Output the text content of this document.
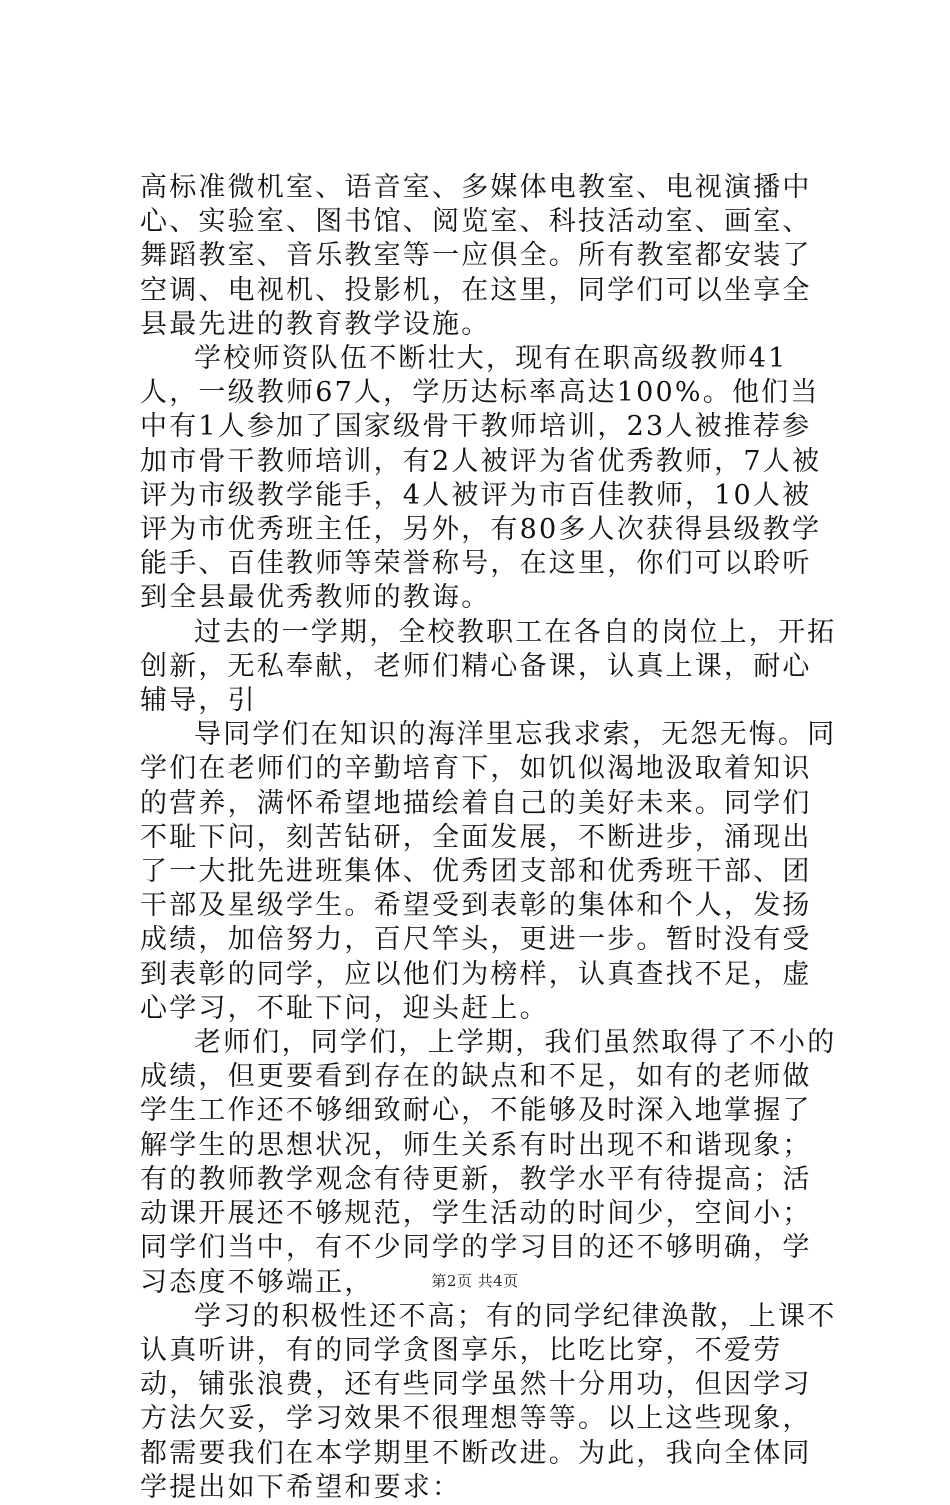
高标准微机室、语音室、多媒体电教室、电视演播中心、实验室、图书馆、阅览室、科技活动室、画室、舞蹈教室、音乐教室等一应俱全。所有教室都安装了空调、电视机、投影机，在这里，同学们可以坐享全县最先进的教育教学设施。

学校师资队伍不断壮大，现有在职高级教师41人，一级教师67人，学历达标率高达100%。他们当中有1人参加了国家级骨干教师培训，23人被推荐参加市骨干教师培训，有2人被评为省优秀教师，7人被评为市级教学能手，4人被评为市百佳教师，10人被评为市优秀班主任，另外，有80多人次获得县级教学能手、百佳教师等荣誉称号，在这里，你们可以聆听到全县最优秀教师的教诲。

过去的一学期，全校教职工在各自的岗位上，开拓创新，无私奉献，老师们精心备课，认真上课，耐心辅导，引

导同学们在知识的海洋里忘我求索，无怨无悔。同学们在老师们的辛勤培育下，如饥似渴地汲取着知识的营养，满怀希望地描绘着自己的美好未来。同学们不耻下问，刻苦钻研，全面发展，不断进步，涌现出了一大批先进班集体、优秀团支部和优秀班干部、团干部及星级学生。希望受到表彰的集体和个人，发扬成绩，加倍努力，百尺竿头，更进一步。暂时没有受到表彰的同学，应以他们为榜样，认真查找不足，虚心学习，不耻下问，迎头赶上。

老师们，同学们，上学期，我们虽然取得了不小的成绩，但更要看到存在的缺点和不足，如有的老师做学生工作还不够细致耐心，不能够及时深入地掌握了解学生的思想状况，师生关系有时出现不和谐现象；有的教师教学观念有待更新，教学水平有待提高；活动课开展还不够规范，学生活动的时间少，空间小；同学们当中，有不少同学的学习目的还不够明确，学习态度不够端正，

学习的积极性还不高；有的同学纪律涣散，上课不认真听讲，有的同学贪图享乐，比吃比穿，不爱劳动，铺张浪费，还有些同学虽然十分用功，但因学习方法欠妥，学习效果不很理想等等。以上这些现象，都需要我们在本学期里不断改进。为此，我向全体同学提出如下希望和要求：

第2页 共4页
